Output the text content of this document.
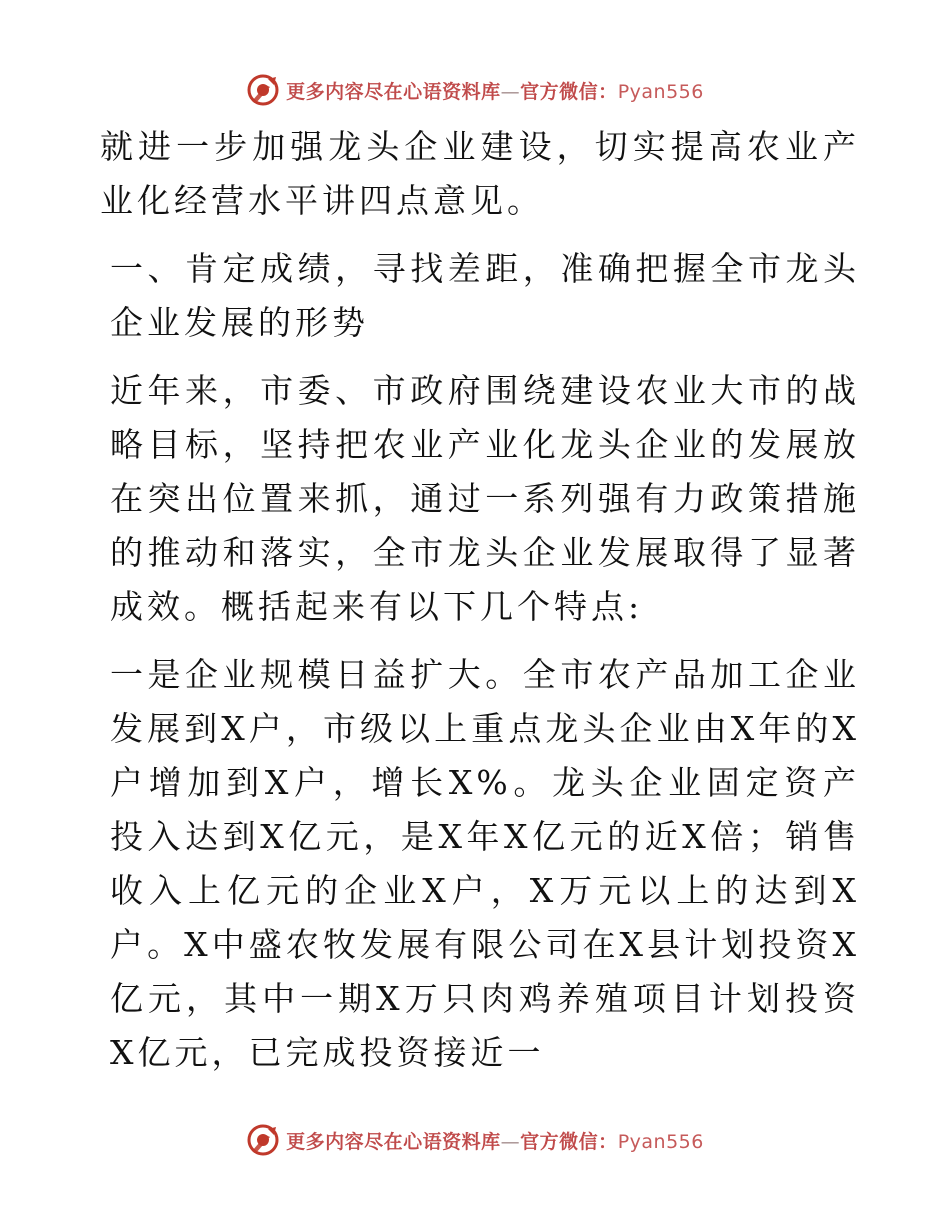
更多内容尽在心语资料库—官方微信：Pyan556

就进一步加强龙头企业建设，切实提高农业产业化经营水平讲四点意见。

一、肯定成绩，寻找差距，准确把握全市龙头企业发展的形势

近年来，市委、市政府围绕建设农业大市的战略目标，坚持把农业产业化龙头企业的发展放在突出位置来抓，通过一系列强有力政策措施的推动和落实，全市龙头企业发展取得了显著成效。概括起来有以下几个特点:

一是企业规模日益扩大。全市农产品加工企业发展到X户，市级以上重点龙头企业由X年的X户增加到X户，增长X%。龙头企业固定资产投入达到X亿元，是X年X亿元的近X倍；销售收入上亿元的企业X户，X万元以上的达到X户。X中盛农牧发展有限公司在X县计划投资X亿元，其中一期X万只肉鸡养殖项目计划投资X亿元，已完成投资接近一

更多内容尽在心语资料库—官方微信：Pyan556
